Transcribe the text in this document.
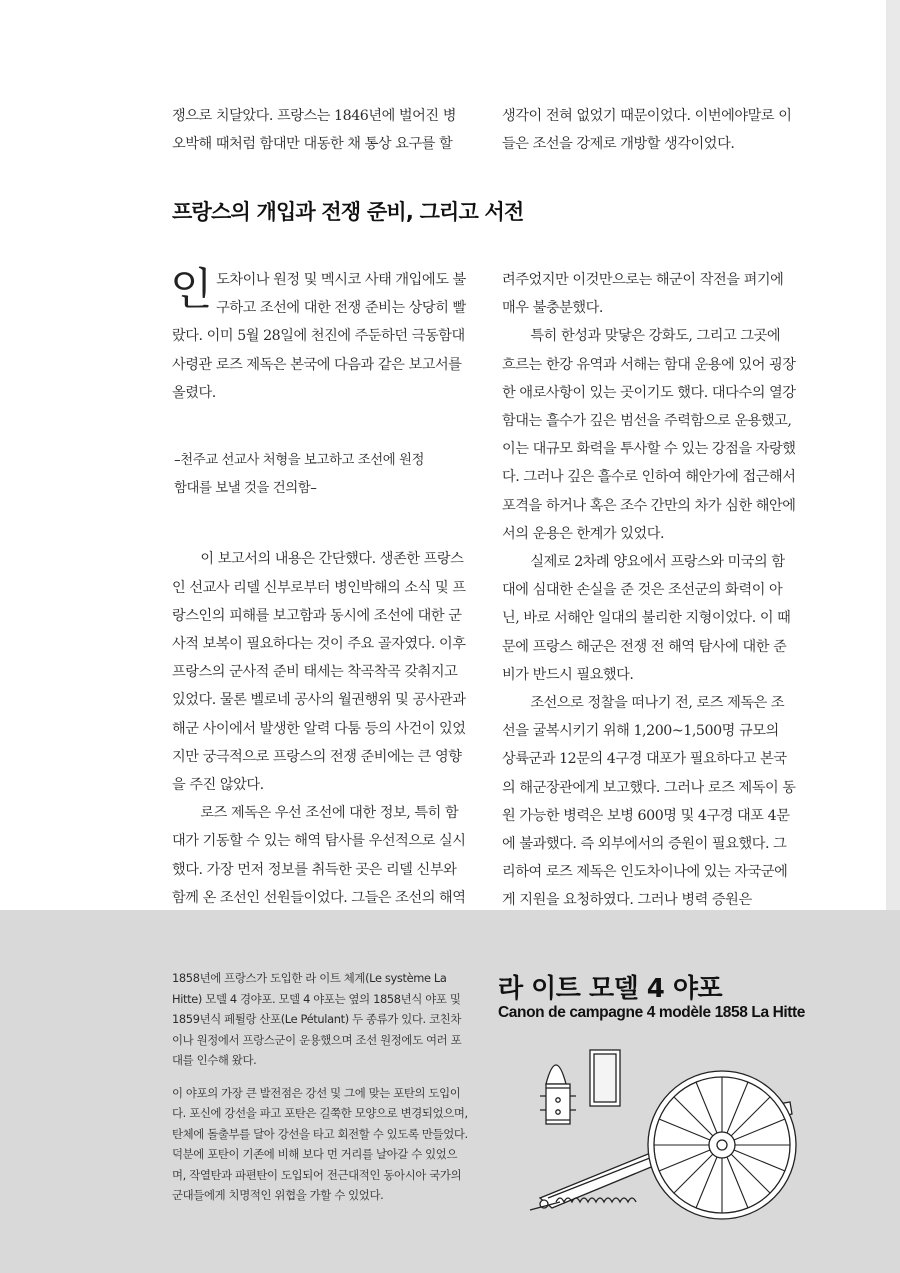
쟁으로 치달았다. 프랑스는 1846년에 벌어진 병오박해 때처럼 함대만 대동한 채 통상 요구를 할

생각이 전혀 없었기 때문이었다. 이번에야말로 이들은 조선을 강제로 개방할 생각이었다.

프랑스의 개입과 전쟁 준비, 그리고 서전

인도차이나 원정 및 멕시코 사태 개입에도 불구하고 조선에 대한 전쟁 준비는 상당히 빨랐다. 이미 5월 28일에 천진에 주둔하던 극동함대 사령관 로즈 제독은 본국에 다음과 같은 보고서를 올렸다.

–천주교 선교사 처형을 보고하고 조선에 원정
함대를 보낼 것을 건의함–

이 보고서의 내용은 간단했다. 생존한 프랑스인 선교사 리델 신부로부터 병인박해의 소식 및 프랑스인의 피해를 보고함과 동시에 조선에 대한 군사적 보복이 필요하다는 것이 주요 골자였다. 이후 프랑스의 군사적 준비 태세는 착곡착곡 갖춰지고 있었다. 물론 벨로네 공사의 월권행위 및 공사관과 해군 사이에서 발생한 알력 다툼 등의 사건이 있었지만 궁극적으로 프랑스의 전쟁 준비에는 큰 영향을 주진 않았다.

로즈 제독은 우선 조선에 대한 정보, 특히 함대가 기동할 수 있는 해역 탐사를 우선적으로 실시했다. 가장 먼저 정보를 취득한 곳은 리델 신부와 함께 온 조선인 선원들이었다. 그들은 조선의 해역

려주었지만 이것만으로는 해군이 작전을 펴기에 매우 불충분했다.

특히 한성과 맞닿은 강화도, 그리고 그곳에 흐르는 한강 유역과 서해는 함대 운용에 있어 굉장한 애로사항이 있는 곳이기도 했다. 대다수의 열강 함대는 흘수가 깊은 범선을 주력함으로 운용했고, 이는 대규모 화력을 투사할 수 있는 강점을 자랑했다. 그러나 깊은 흘수로 인하여 해안가에 접근해서 포격을 하거나 혹은 조수 간만의 차가 심한 해안에서의 운용은 한계가 있었다.

실제로 2차례 양요에서 프랑스와 미국의 함대에 심대한 손실을 준 것은 조선군의 화력이 아닌, 바로 서해안 일대의 불리한 지형이었다. 이 때문에 프랑스 해군은 전쟁 전 해역 탐사에 대한 준비가 반드시 필요했다.

조선으로 정찰을 떠나기 전, 로즈 제독은 조선을 굴복시키기 위해 1,200~1,500명 규모의 상륙군과 12문의 4구경 대포가 필요하다고 본국의 해군장관에게 보고했다. 그러나 로즈 제독이 동원 가능한 병력은 보병 600명 및 4구경 대포 4문에 불과했다. 즉 외부에서의 증원이 필요했다. 그리하여 로즈 제독은 인도차이나에 있는 자국군에게 지원을 요청하였다. 그러나 병력 증원은

1858년에 프랑스가 도입한 라 이트 체계(Le système La Hitte) 모델 4 경야포. 모델 4 야포는 옆의 1858년식 야포 및 1859년식 페튈랑 산포(Le Pétulant) 두 종류가 있다. 코친차이나 원정에서 프랑스군이 운용했으며 조선 원정에도 여러 포대를 인수해 왔다.

이 야포의 가장 큰 발전점은 강선 및 그에 맞는 포탄의 도입이다. 포신에 강선을 파고 포탄은 길쭉한 모양으로 변경되었으며, 탄체에 돌출부를 달아 강선을 타고 회전할 수 있도록 만들었다. 덕분에 포탄이 기존에 비해 보다 먼 거리를 날아갈 수 있었으며, 작열탄과 파편탄이 도입되어 전근대적인 동아시아 국가의 군대들에게 치명적인 위협을 가할 수 있었다.

라 이트 모델 4 야포
Canon de campagne 4 modèle 1858 La Hitte
